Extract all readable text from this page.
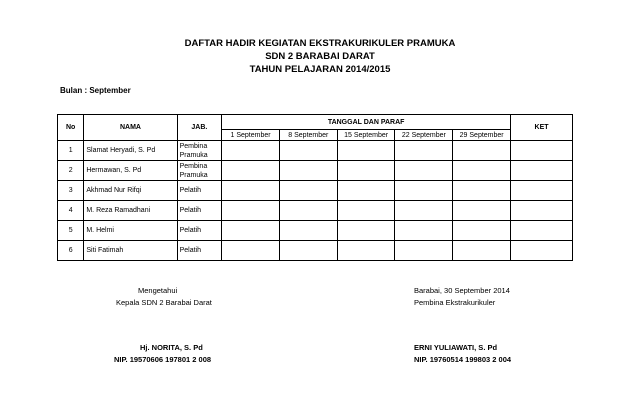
DAFTAR HADIR KEGIATAN EKSTRAKURIKULER PRAMUKA
SDN 2 BARABAI DARAT
TAHUN PELAJARAN 2014/2015
Bulan : September
No	NAMA	JAB.	TANGGAL DAN PARAF					KET
			1 September	8 September	15 September	22 September	29 September	
1	Slamat Heryadi, S. Pd	Pembina
Pramuka						

2	Hermawan, S. Pd	Pembina
Pramuka						

3	Akhmad Nur Rifqi	Pelatih						

4	M. Reza Ramadhani	Pelatih						

5	M. Helmi	Pelatih						

6	Siti Fatimah	Pelatih						

Mengetahui
Kepala SDN 2 Barabai Darat
Hj. NORITA, S. Pd
NIP. 19570606 197801 2 008
Barabai, 30 September 2014
Pembina Ekstrakurikuler
ERNI YULIAWATI, S. Pd
NIP. 19760514 199803 2 004
